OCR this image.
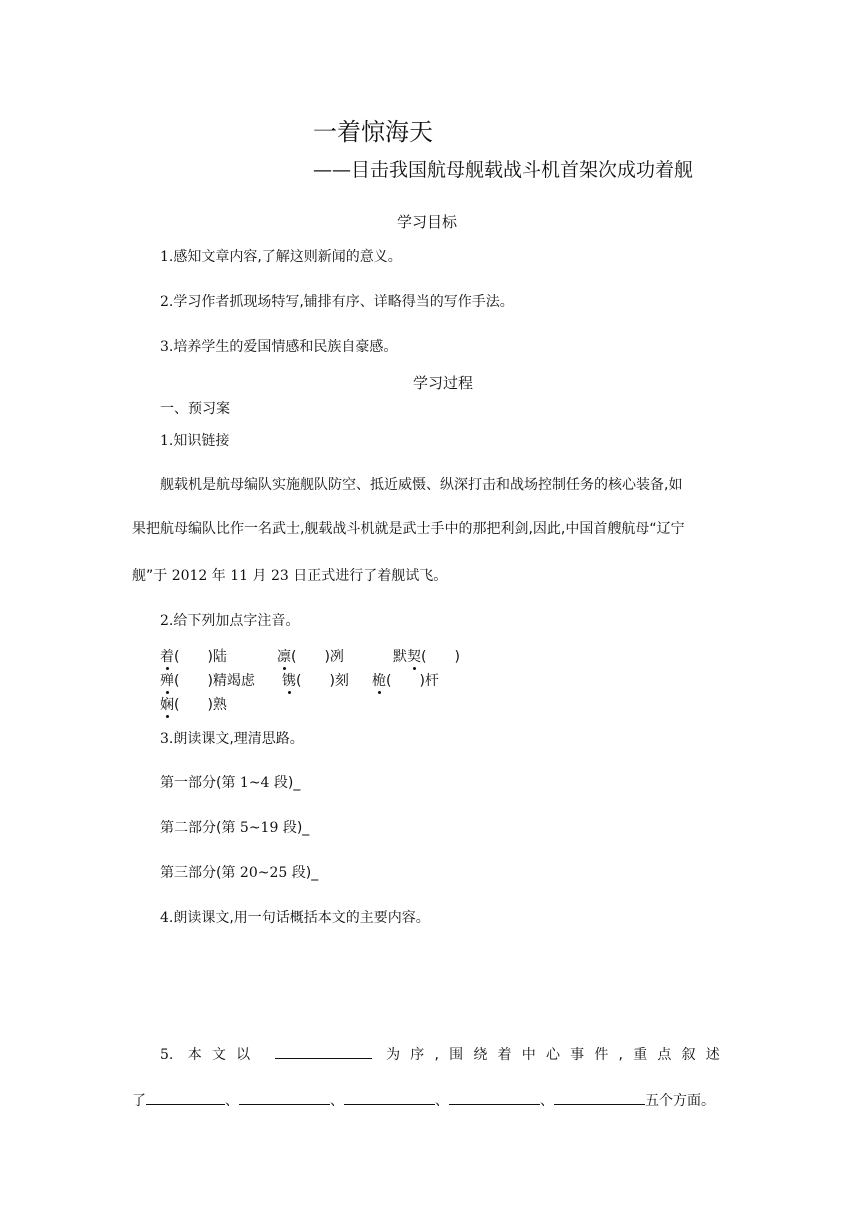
一着惊海天
——目击我国航母舰载战斗机首架次成功着舰
学习目标
1.感知文章内容,了解这则新闻的意义。
2.学习作者抓现场特写,铺排有序、详略得当的写作手法。
3.培养学生的爱国情感和民族自豪感。
学习过程
一、预习案
1.知识链接
舰载机是航母编队实施舰队防空、抵近威慑、纵深打击和战场控制任务的核心装备,如
果把航母编队比作一名武士,舰载战斗机就是武士手中的那把利剑,因此,中国首艘航母“辽宁
舰”于 2012 年 11 月 23 日正式进行了着舰试飞。
2.给下列加点字注音。
着(　　)陆	凛(　　)冽	默契(　　)
殚(　　)精竭虑 镌(　　)刻 桅(　　)杆
娴(　　)熟
3.朗读课文,理清思路。
第一部分(第 1~4 段)_
第二部分(第 5~19 段)_
第三部分(第 20~25 段)_
4.朗读课文,用一句话概括本文的主要内容。
5. 本文以	为序,围绕着中心事件,重点叙述
了	、	、	、	、	五个方面。
